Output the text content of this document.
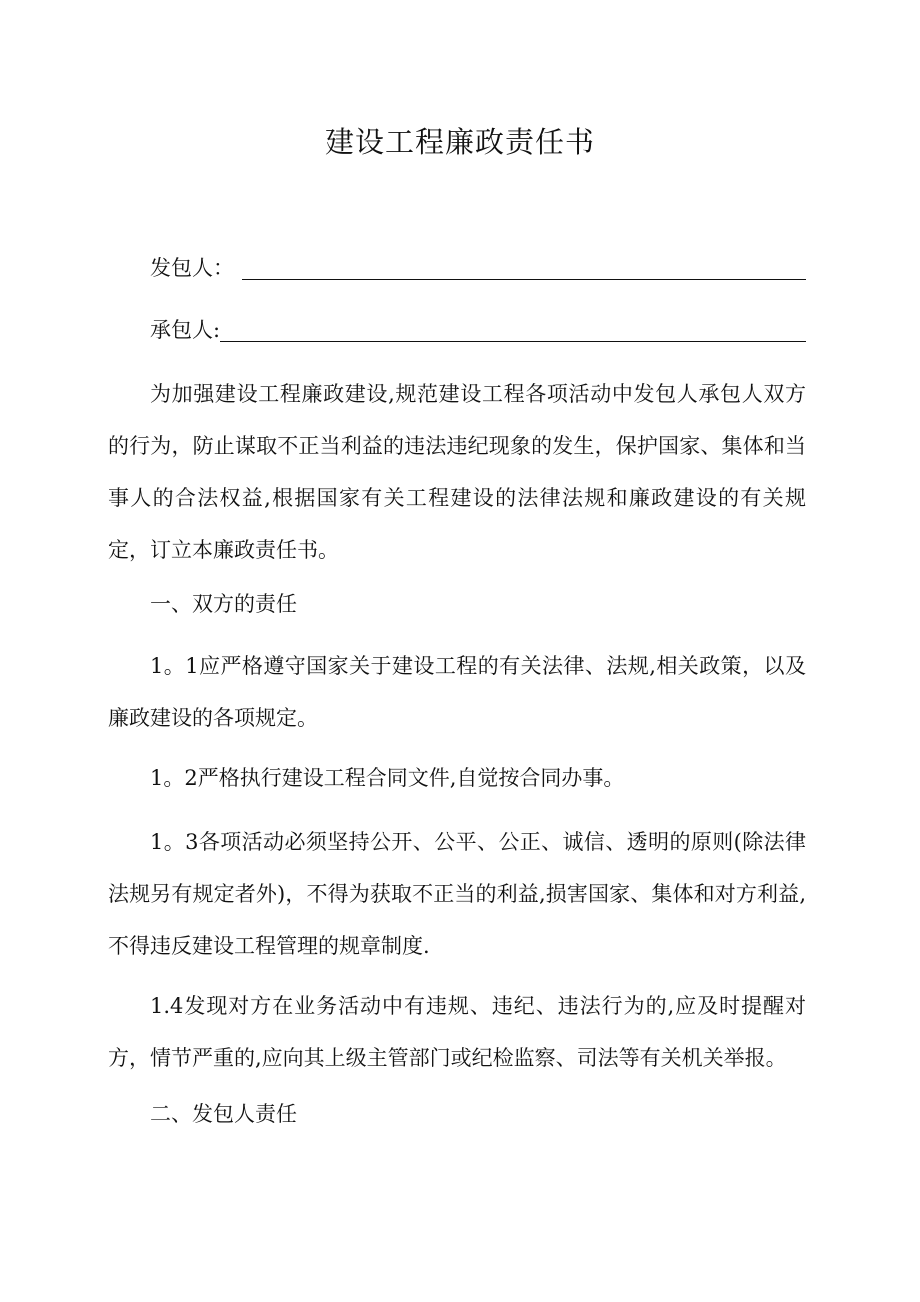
建设工程廉政责任书
发包人：
承包人:

为加强建设工程廉政建设,规范建设工程各项活动中发包人承包人双方的行为，防止谋取不正当利益的违法违纪现象的发生，保护国家、集体和当事人的合法权益,根据国家有关工程建设的法律法规和廉政建设的有关规定，订立本廉政责任书。

一、双方的责任

1。1应严格遵守国家关于建设工程的有关法律、法规,相关政策，以及廉政建设的各项规定。

1。2严格执行建设工程合同文件,自觉按合同办事。

1。3各项活动必须坚持公开、公平、公正、诚信、透明的原则(除法律法规另有规定者外)，不得为获取不正当的利益,损害国家、集体和对方利益,不得违反建设工程管理的规章制度.

1.4发现对方在业务活动中有违规、违纪、违法行为的,应及时提醒对方，情节严重的,应向其上级主管部门或纪检监察、司法等有关机关举报。

二、发包人责任
